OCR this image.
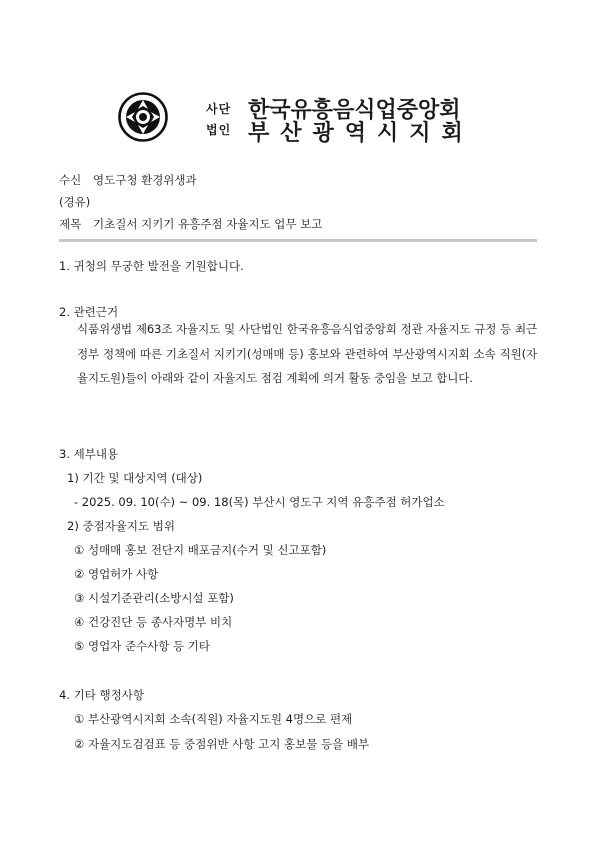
사단
법인
한국유흥음식업중앙회
부산광역시지회
수신 영도구청 환경위생과
(경유)
제목 기초질서 지키기 유흥주점 자율지도 업무 보고
1. 귀청의 무궁한 발전을 기원합니다.
2. 관련근거
식품위생법 제63조 자율지도 및 사단법인 한국유흥음식업중앙회 정관 자율지도 규정 등 최근 정부 정책에 따른 기초질서 지키기(성매매 등) 홍보와 관련하여 부산광역시지회 소속 직원(자율지도원)들이 아래와 같이 자율지도 점검 계획에 의거 활동 중임을 보고 합니다.
3. 세부내용
1) 기간 및 대상지역 (대상)
- 2025. 09. 10(수) ~ 09. 18(목) 부산시 영도구 지역 유흥주점 허가업소
2) 중점자율지도 범위
① 성매매 홍보 전단지 배포금지(수거 및 신고포함)
② 영업허가 사항
③ 시설기준관리(소방시설 포함)
④ 건강진단 등 종사자명부 비치
⑤ 영업자 준수사항 등 기타
4. 기타 행정사항
① 부산광역시지회 소속(직원) 자율지도원 4명으로 편제
② 자율지도검검표 등 중점위반 사항 고지 홍보물 등을 배부
